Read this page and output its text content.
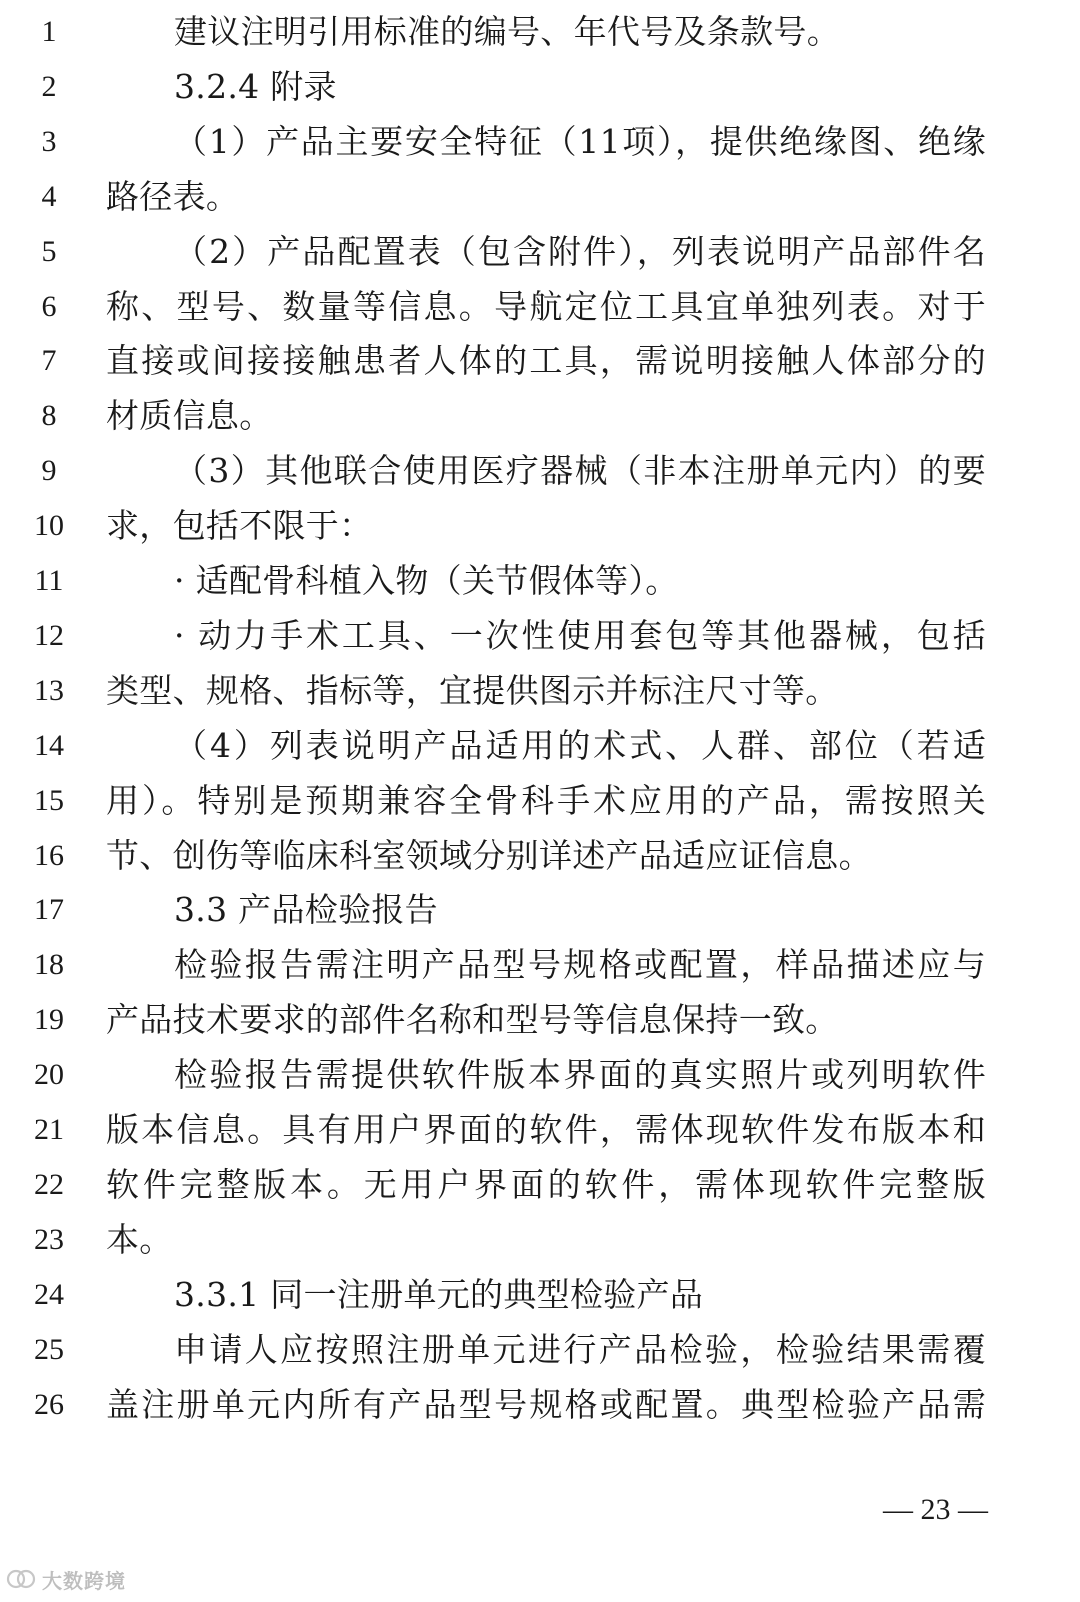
1	建议注明引用标准的编号、年代号及条款号。
2	3.2.4 附录
3	（1）产品主要安全特征（11项），提供绝缘图、绝缘
4	路径表。
5	（2）产品配置表（包含附件），列表说明产品部件名
6	称、型号、数量等信息。导航定位工具宜单独列表。对于
7	直接或间接接触患者人体的工具，需说明接触人体部分的
8	材质信息。
9	（3）其他联合使用医疗器械（非本注册单元内）的要
10	求，包括不限于：
11	· 适配骨科植入物（关节假体等）。
12	· 动力手术工具、一次性使用套包等其他器械，包括
13	类型、规格、指标等，宜提供图示并标注尺寸等。
14	（4）列表说明产品适用的术式、人群、部位（若适
15	用）。特别是预期兼容全骨科手术应用的产品，需按照关
16	节、创伤等临床科室领域分别详述产品适应证信息。
17	3.3 产品检验报告
18	检验报告需注明产品型号规格或配置，样品描述应与
19	产品技术要求的部件名称和型号等信息保持一致。
20	检验报告需提供软件版本界面的真实照片或列明软件
21	版本信息。具有用户界面的软件，需体现软件发布版本和
22	软件完整版本。无用户界面的软件，需体现软件完整版
23	本。
24	3.3.1 同一注册单元的典型检验产品
25	申请人应按照注册单元进行产品检验，检验结果需覆
26	盖注册单元内所有产品型号规格或配置。典型检验产品需
— 23 —
大数跨境
